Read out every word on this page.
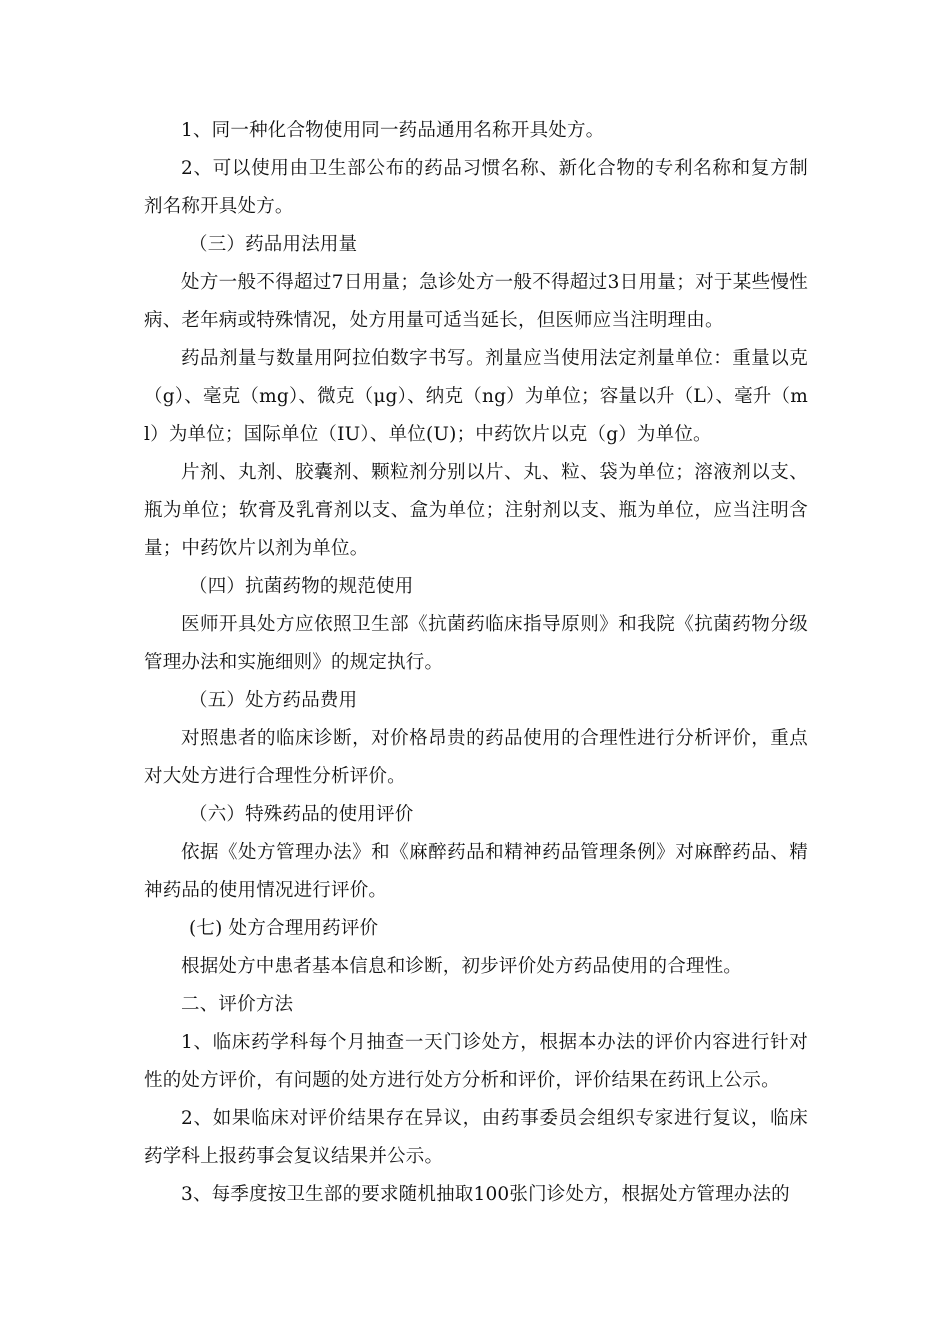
1、同一种化合物使用同一药品通用名称开具处方。

2、可以使用由卫生部公布的药品习惯名称、新化合物的专利名称和复方制剂名称开具处方。

（三）药品用法用量

处方一般不得超过7日用量；急诊处方一般不得超过3日用量；对于某些慢性病、老年病或特殊情况，处方用量可适当延长，但医师应当注明理由。

药品剂量与数量用阿拉伯数字书写。剂量应当使用法定剂量单位：重量以克（g）、毫克（mg）、微克（μg）、纳克（ng）为单位；容量以升（L）、毫升（ml）为单位；国际单位（IU）、单位(U)；中药饮片以克（g）为单位。

片剂、丸剂、胶囊剂、颗粒剂分别以片、丸、粒、袋为单位；溶液剂以支、瓶为单位；软膏及乳膏剂以支、盒为单位；注射剂以支、瓶为单位，应当注明含量；中药饮片以剂为单位。

（四）抗菌药物的规范使用

医师开具处方应依照卫生部《抗菌药临床指导原则》和我院《抗菌药物分级管理办法和实施细则》的规定执行。

（五）处方药品费用

对照患者的临床诊断，对价格昂贵的药品使用的合理性进行分析评价，重点对大处方进行合理性分析评价。

（六）特殊药品的使用评价

依据《处方管理办法》和《麻醉药品和精神药品管理条例》对麻醉药品、精神药品的使用情况进行评价。

(七) 处方合理用药评价

根据处方中患者基本信息和诊断，初步评价处方药品使用的合理性。

二、评价方法

1、临床药学科每个月抽查一天门诊处方，根据本办法的评价内容进行针对性的处方评价，有问题的处方进行处方分析和评价，评价结果在药讯上公示。

2、如果临床对评价结果存在异议，由药事委员会组织专家进行复议，临床药学科上报药事会复议结果并公示。

3、每季度按卫生部的要求随机抽取100张门诊处方，根据处方管理办法的
